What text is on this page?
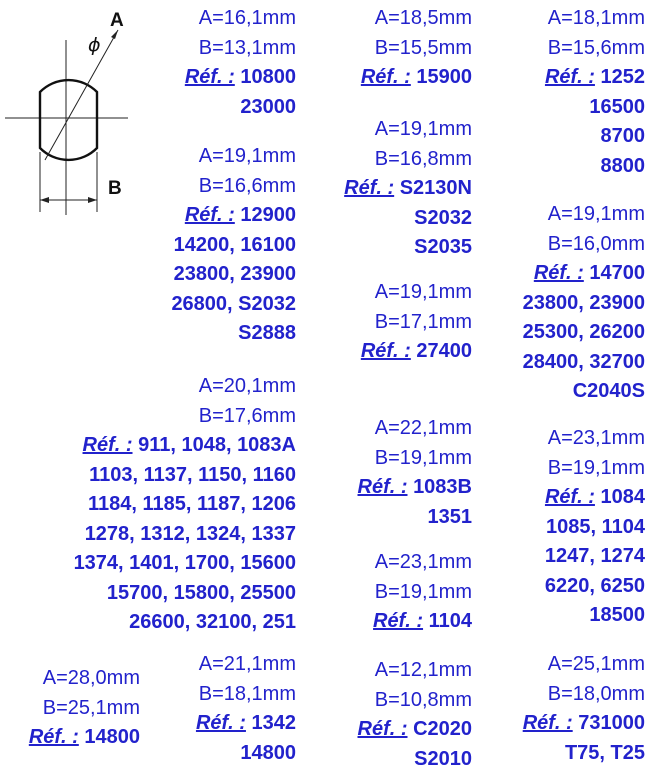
A
B
ϕ
A=16,1mm
B=13,1mm
Réf. : 10800
23000
A=19,1mm
B=16,6mm
Réf. : 12900
14200, 16100
23800, 23900
26800, S2032
S2888
A=20,1mm
B=17,6mm
Réf. : 911, 1048, 1083A
1103, 1137, 1150, 1160
1184, 1185, 1187, 1206
1278, 1312, 1324, 1337
1374, 1401, 1700, 15600
15700, 15800, 25500
26600, 32100, 251
A=28,0mm
B=25,1mm
Réf. : 14800
A=21,1mm
B=18,1mm
Réf. : 1342
14800
A=18,5mm
B=15,5mm
Réf. : 15900
A=19,1mm
B=16,8mm
Réf. : S2130N
S2032
S2035
A=19,1mm
B=17,1mm
Réf. : 27400
A=22,1mm
B=19,1mm
Réf. : 1083B
1351
A=23,1mm
B=19,1mm
Réf. : 1104
A=12,1mm
B=10,8mm
Réf. : C2020
S2010
A=18,1mm
B=15,6mm
Réf. : 1252
16500
8700
8800
A=19,1mm
B=16,0mm
Réf. : 14700
23800, 23900
25300, 26200
28400, 32700
C2040S
A=23,1mm
B=19,1mm
Réf. : 1084
1085, 1104
1247, 1274
6220, 6250
18500
A=25,1mm
B=18,0mm
Réf. : 731000
T75, T25
